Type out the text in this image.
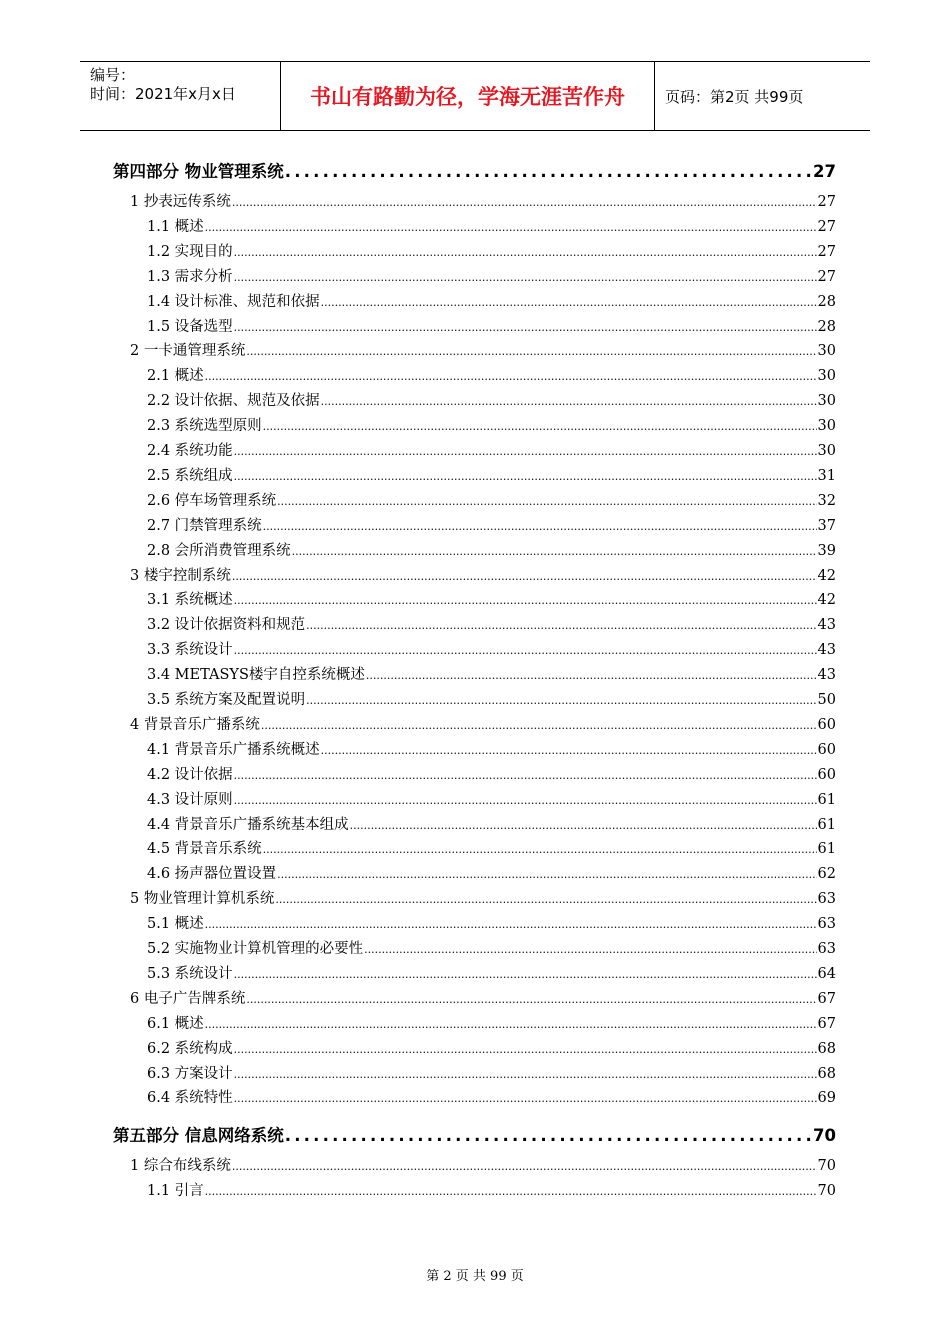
编号：
时间：2021年x月x日	书山有路勤为径，学海无涯苦作舟	页码：第2页 共99页
第四部分 物业管理系统 .....	27
1 抄表远传系统 .....	27
1.1 概述 .....	27
1.2 实现目的 .....	27
1.3 需求分析 .....	27
1.4 设计标准、规范和依据 .....	28
1.5 设备选型 .....	28
2 一卡通管理系统 .....	30
2.1 概述 .....	30
2.2 设计依据、规范及依据 .....	30
2.3 系统选型原则 .....	30
2.4 系统功能 .....	30
2.5 系统组成 .....	31
2.6 停车场管理系统 .....	32
2.7 门禁管理系统 .....	37
2.8 会所消费管理系统 .....	39
3 楼宇控制系统 .....	42
3.1 系统概述 .....	42
3.2 设计依据资料和规范 .....	43
3.3 系统设计 .....	43
3.4 METASYS楼宇自控系统概述 .....	43
3.5 系统方案及配置说明 .....	50
4 背景音乐广播系统 .....	60
4.1 背景音乐广播系统概述 .....	60
4.2 设计依据 .....	60
4.3 设计原则 .....	61
4.4 背景音乐广播系统基本组成 .....	61
4.5 背景音乐系统 .....	61
4.6 扬声器位置设置 .....	62
5 物业管理计算机系统 .....	63
5.1 概述 .....	63
5.2 实施物业计算机管理的必要性 .....	63
5.3 系统设计 .....	64
6 电子广告牌系统 .....	67
6.1 概述 .....	67
6.2 系统构成 .....	68
6.3 方案设计 .....	68
6.4 系统特性 .....	69
第五部分 信息网络系统 .....	70
1 综合布线系统 .....	70
1.1 引言 .....	70
第 2 页 共 99 页
